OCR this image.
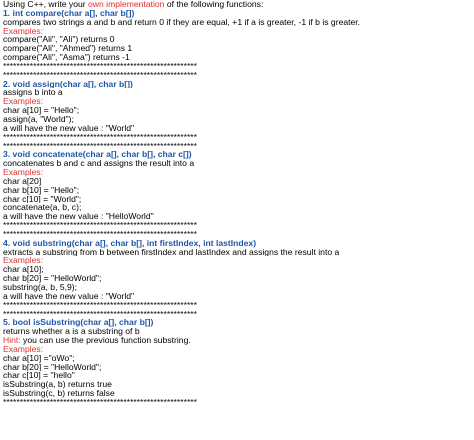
Using C++, write your own implementation of the following functions:
1. int compare(char a[], char b[])
compares two strings a and b and return 0 if they are equal, +1 if a is greater, -1 if b is greater.
Examples:
compare("Ali", "Ali") returns 0
compare("Ali", "Ahmed") returns 1
compare("Ali", "Asma") returns -1
**********************************************************
**********************************************************
2. void assign(char a[], char b[])
assigns b into a
Examples:
char a[10] = "Hello";
assign(a, "World");
a will have the new value : "World"
**********************************************************
**********************************************************
3. void concatenate(char a[], char b[], char c[])
concatenates b and c and assigns the result into a
Examples:
char a[20]
char b[10] = "Hello";
char c[10] = "World";
concatenate(a, b, c);
a will have the new value : "HelloWorld"
**********************************************************
**********************************************************
4. void substring(char a[], char b[], int firstIndex, int lastIndex)
extracts a substring from b between firstIndex and lastIndex and assigns the result into a
Examples:
char a[10];
char b[20] = "HelloWorld";
substring(a, b, 5,9);
a will have the new value : "World"
**********************************************************
**********************************************************
5. bool isSubstring(char a[], char b[])
returns whether a is a substring of b
Hint: you can use the previous function substring.
Examples:
char a[10] ="oWo";
char b[20] = "HelloWorld";
char c[10] = "hello"
isSubstring(a, b) returns true
isSubstring(c, b) returns false
**********************************************************
